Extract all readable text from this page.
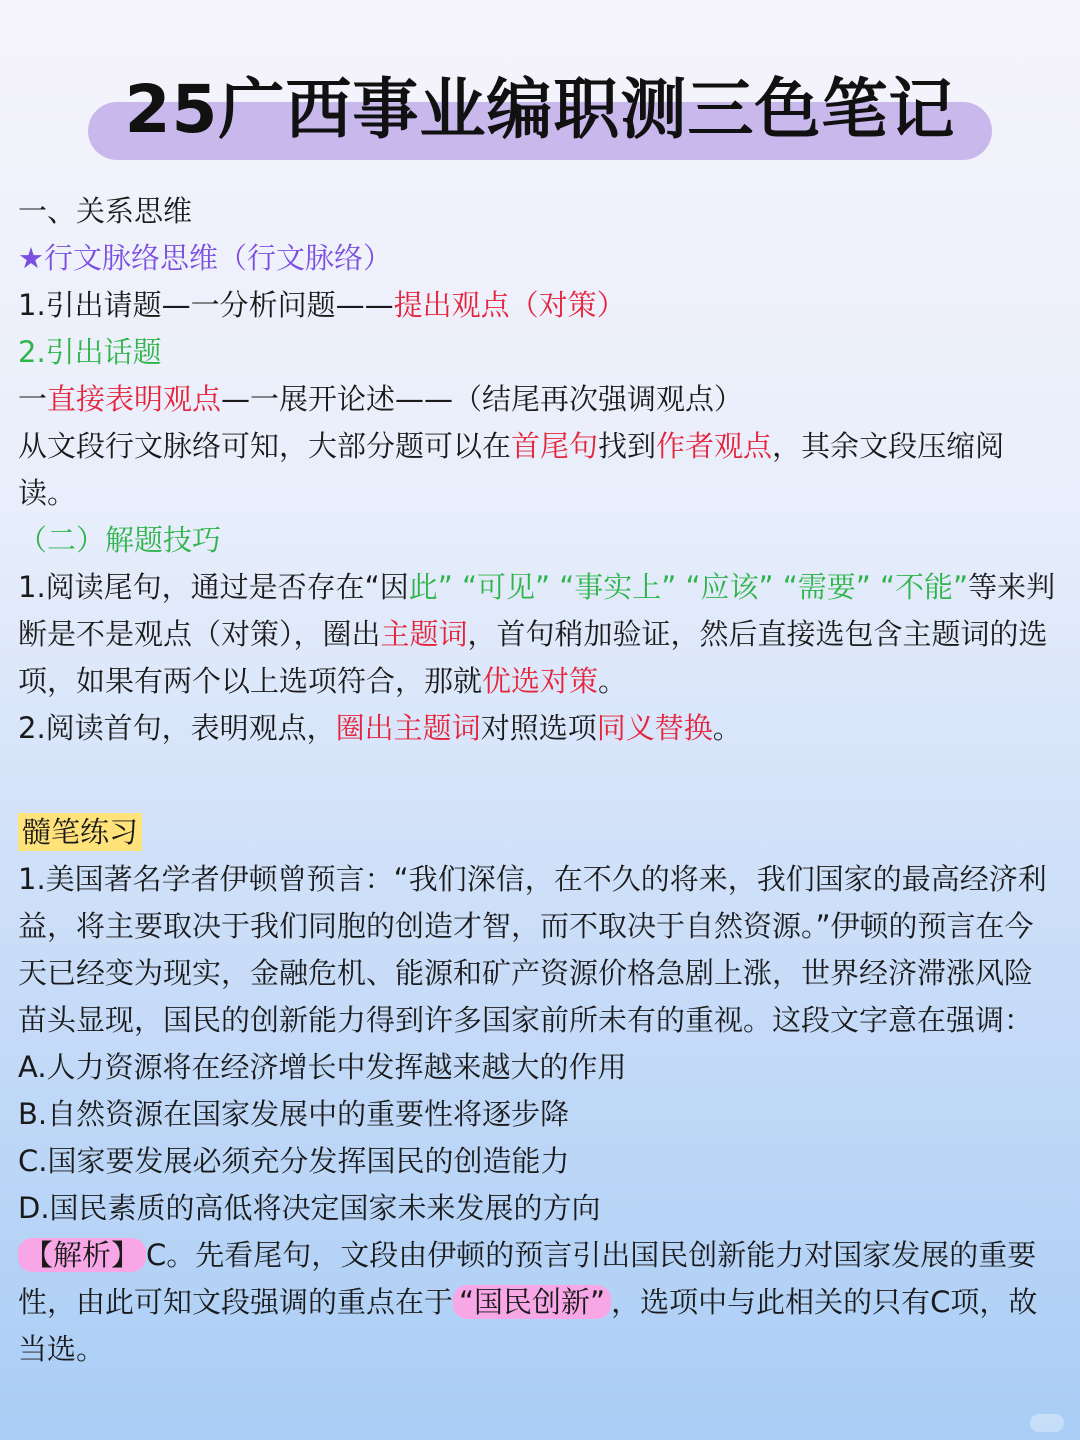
25广西事业编职测三色笔记
一、关系思维
★行文脉络思维（行文脉络）
1.引出请题—一分析问题——提出观点（对策）
2.引出话题
一直接表明观点—一展开论述——（结尾再次强调观点）
从文段行文脉络可知，大部分题可以在首尾句找到作者观点，其余文段压缩阅读。
（二）解题技巧
1.阅读尾句，通过是否存在“因此” “可见” “事实上” “应该” “需要” “不能”等来判断是不是观点（对策），圈出主题词，首句稍加验证，然后直接选包含主题词的选项，如果有两个以上选项符合，那就优选对策。
2.阅读首句，表明观点，圈出主题词对照选项同义替换。
髓笔练习
1.美国著名学者伊顿曾预言：“我们深信，在不久的将来，我们国家的最高经济利益，将主要取决于我们同胞的创造才智，而不取决于自然资源。”伊顿的预言在今天已经变为现实，金融危机、能源和矿产资源价格急剧上涨，世界经济滞涨风险苗头显现，国民的创新能力得到许多国家前所未有的重视。这段文字意在强调：
A.人力资源将在经济增长中发挥越来越大的作用
B.自然资源在国家发展中的重要性将逐步降
C.国家要发展必须充分发挥国民的创造能力
D.国民素质的高低将决定国家未来发展的方向
【解析】 C。先看尾句，文段由伊顿的预言引出国民创新能力对国家发展的重要性，由此可知文段强调的重点在于 “国民创新” ，选项中与此相关的只有C项，故当选。
